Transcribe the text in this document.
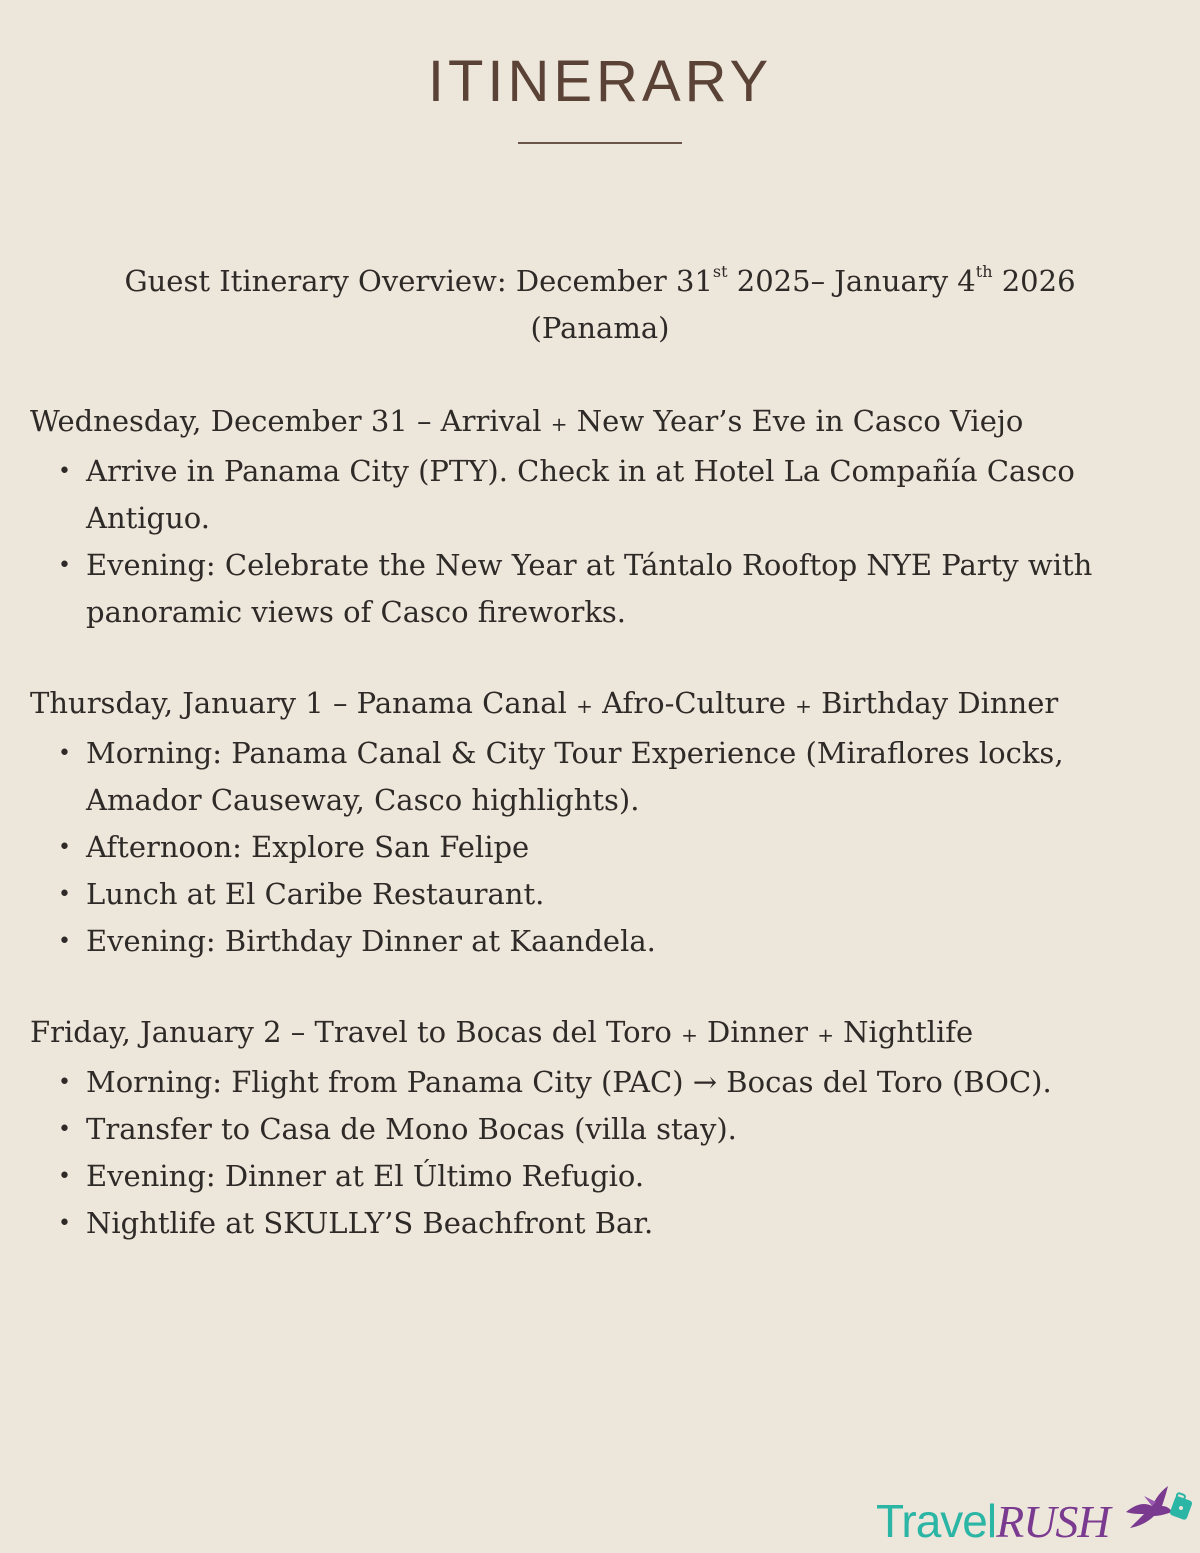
ITINERARY

Guest Itinerary Overview: December 31st 2025– January 4th 2026
(Panama)

Wednesday, December 31 – Arrival + New Year’s Eve in Casco Viejo
• Arrive in Panama City (PTY). Check in at Hotel La Compañía Casco Antiguo.
• Evening: Celebrate the New Year at Tántalo Rooftop NYE Party with panoramic views of Casco fireworks.
Thursday, January 1 – Panama Canal + Afro-Culture + Birthday Dinner
• Morning: Panama Canal & City Tour Experience (Miraflores locks, Amador Causeway, Casco highlights).
• Afternoon: Explore San Felipe
• Lunch at El Caribe Restaurant.
• Evening: Birthday Dinner at Kaandela.
Friday, January 2 – Travel to Bocas del Toro + Dinner + Nightlife
• Morning: Flight from Panama City (PAC) → Bocas del Toro (BOC).
• Transfer to Casa de Mono Bocas (villa stay).
• Evening: Dinner at El Último Refugio.
• Nightlife at SKULLY’S Beachfront Bar.
TravelRUSH
